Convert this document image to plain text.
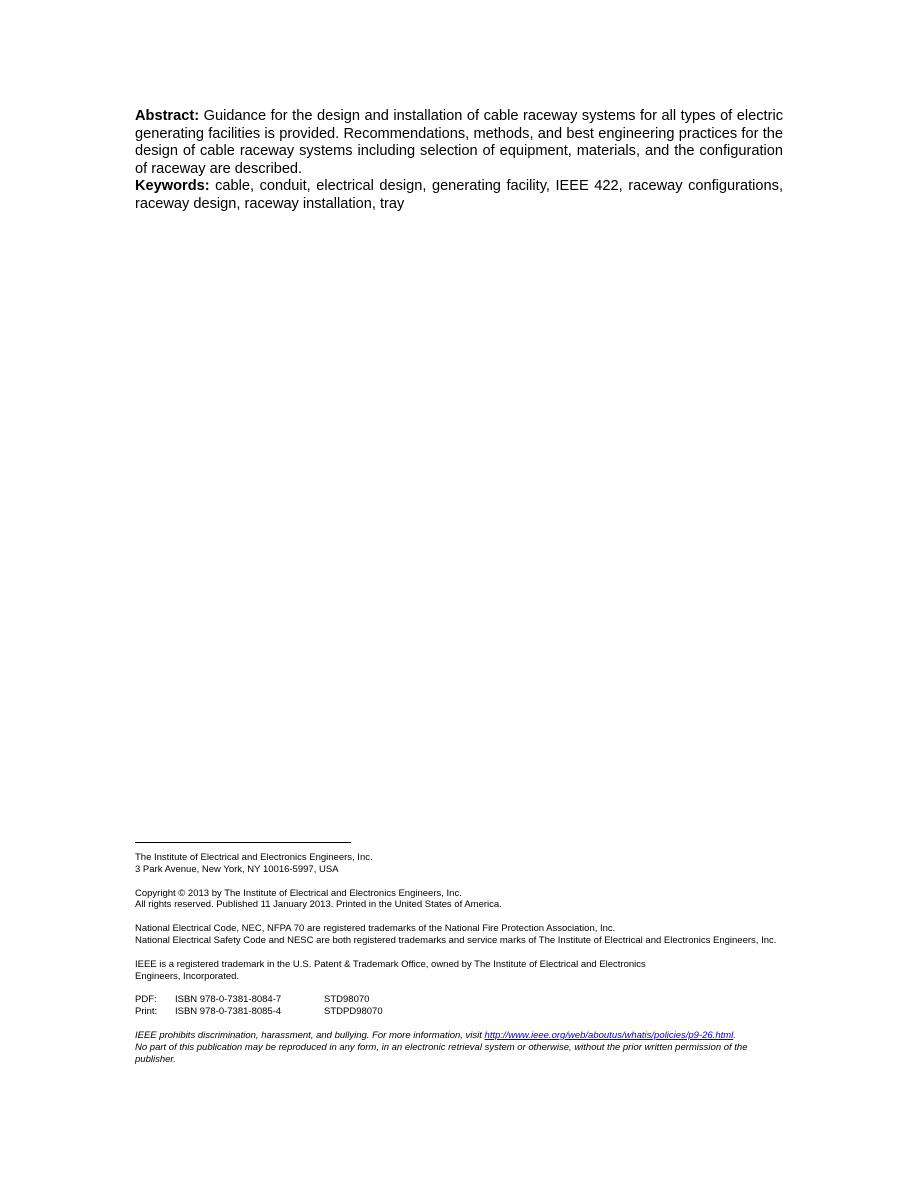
Abstract: Guidance for the design and installation of cable raceway systems for all types of electric generating facilities is provided. Recommendations, methods, and best engineering practices for the design of cable raceway systems including selection of equipment, materials, and the configuration of raceway are described.

Keywords: cable, conduit, electrical design, generating facility, IEEE 422, raceway configurations, raceway design, raceway installation, tray

The Institute of Electrical and Electronics Engineers, Inc.
3 Park Avenue, New York, NY 10016-5997, USA
Copyright © 2013 by The Institute of Electrical and Electronics Engineers, Inc.
All rights reserved. Published 11 January 2013. Printed in the United States of America.
National Electrical Code, NEC, NFPA 70 are registered trademarks of the National Fire Protection Association, Inc.
National Electrical Safety Code and NESC are both registered trademarks and service marks of The Institute of Electrical and Electronics Engineers, Inc.
IEEE is a registered trademark in the U.S. Patent & Trademark Office, owned by The Institute of Electrical and Electronics
Engineers, Incorporated.
PDF: ISBN 978-0-7381-8084-7	STD98070
Print: ISBN 978-0-7381-8085-4	STDPD98070

IEEE prohibits discrimination, harassment, and bullying. For more information, visit http://www.ieee.org/web/aboutus/whatis/policies/p9-26.html.

No part of this publication may be reproduced in any form, in an electronic retrieval system or otherwise, without the prior written permission of the publisher.
